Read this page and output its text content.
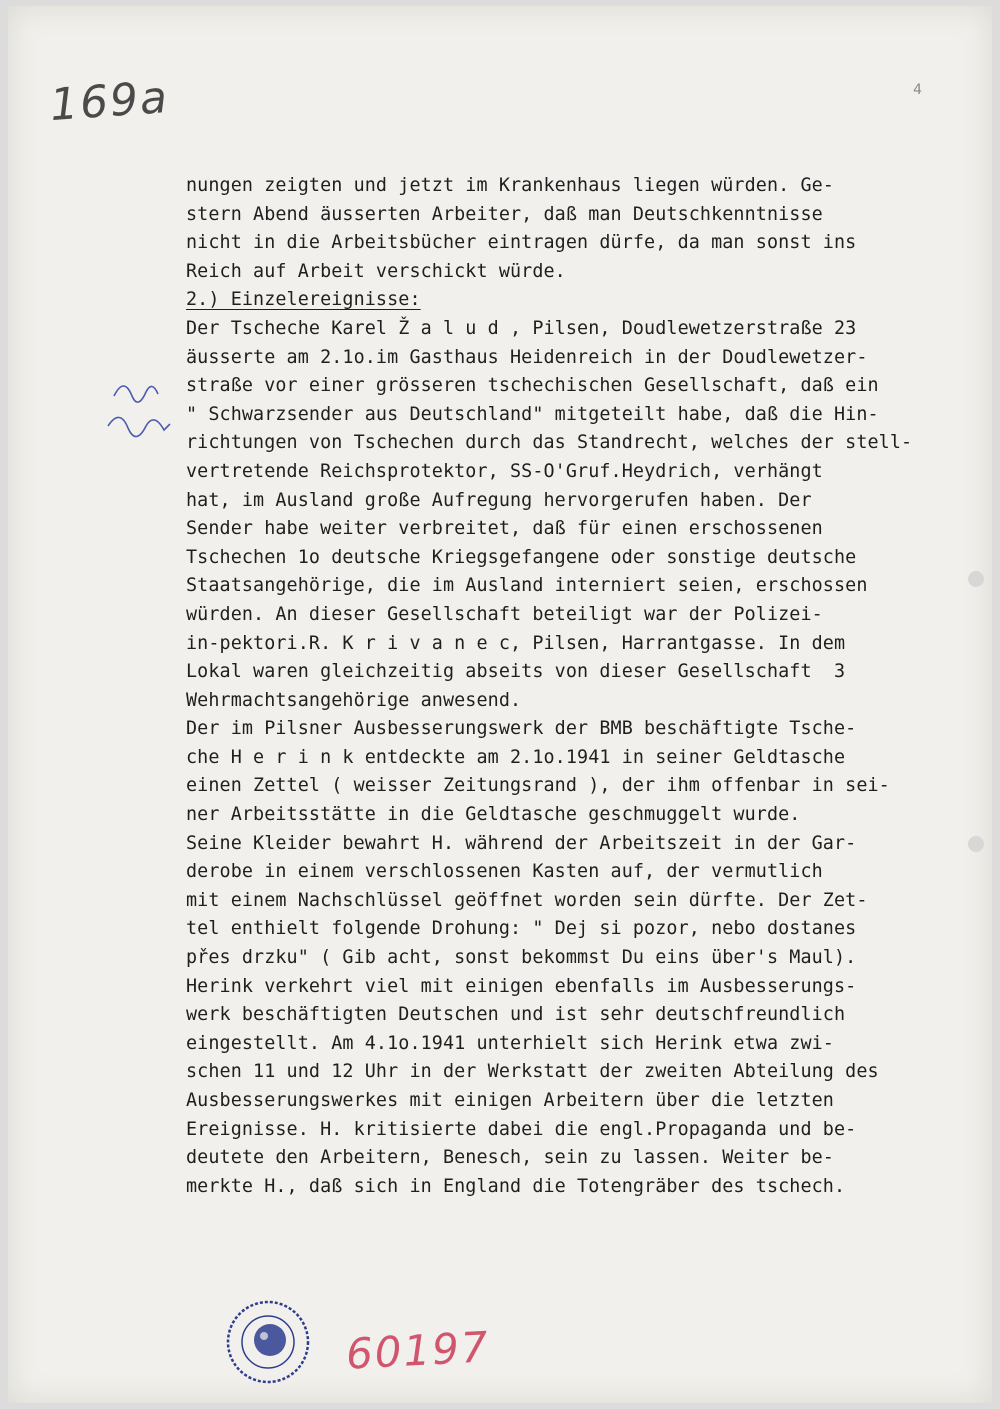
169a	4
nungen zeigten und jetzt im Krankenhaus liegen würden. Ge-
stern Abend äusserten Arbeiter, daß man Deutschkenntnisse
nicht in die Arbeitsbücher eintragen dürfe, da man sonst ins
Reich auf Arbeit verschickt würde.
2.) Einzelereignisse:
Der Tscheche Karel Ž a l u d , Pilsen, Doudlewetzerstraße 23
äusserte am 2.1o.im Gasthaus Heidenreich in der Doudlewetzer-
straße vor einer grösseren tschechischen Gesellschaft, daß ein
" Schwarzsender aus Deutschland" mitgeteilt habe, daß die Hin-
richtungen von Tschechen durch das Standrecht, welches der stell-
vertretende Reichsprotektor, SS-O'Gruf.Heydrich, verhängt
hat, im Ausland große Aufregung hervorgerufen haben. Der
Sender habe weiter verbreitet, daß für einen erschossenen
Tschechen 1o deutsche Kriegsgefangene oder sonstige deutsche
Staatsangehörige, die im Ausland interniert seien, erschossen
würden. An dieser Gesellschaft beteiligt war der Polizei-
in-pektori.R. K r i v a n e c, Pilsen, Harrantgasse. In dem
Lokal waren gleichzeitig abseits von dieser Gesellschaft  3
Wehrmachtsangehörige anwesend.
Der im Pilsner Ausbesserungswerk der BMB beschäftigte Tsche-
che H e r i n k entdeckte am 2.1o.1941 in seiner Geldtasche
einen Zettel ( weisser Zeitungsrand ), der ihm offenbar in sei-
ner Arbeitsstätte in die Geldtasche geschmuggelt wurde.
Seine Kleider bewahrt H. während der Arbeitszeit in der Gar-
derobe in einem verschlossenen Kasten auf, der vermutlich
mit einem Nachschlüssel geöffnet worden sein dürfte. Der Zet-
tel enthielt folgende Drohung: " Dej si pozor, nebo dostanes
přes drzku" ( Gib acht, sonst bekommst Du eins über's Maul).
Herink verkehrt viel mit einigen ebenfalls im Ausbesserungs-
werk beschäftigten Deutschen und ist sehr deutschfreundlich
eingestellt. Am 4.1o.1941 unterhielt sich Herink etwa zwi-
schen 11 und 12 Uhr in der Werkstatt der zweiten Abteilung des
Ausbesserungswerkes mit einigen Arbeitern über die letzten
Ereignisse. H. kritisierte dabei die engl.Propaganda und be-
deutete den Arbeitern, Benesch, sein zu lassen. Weiter be-
merkte H., daß sich in England die Totengräber des tschech.
60197
